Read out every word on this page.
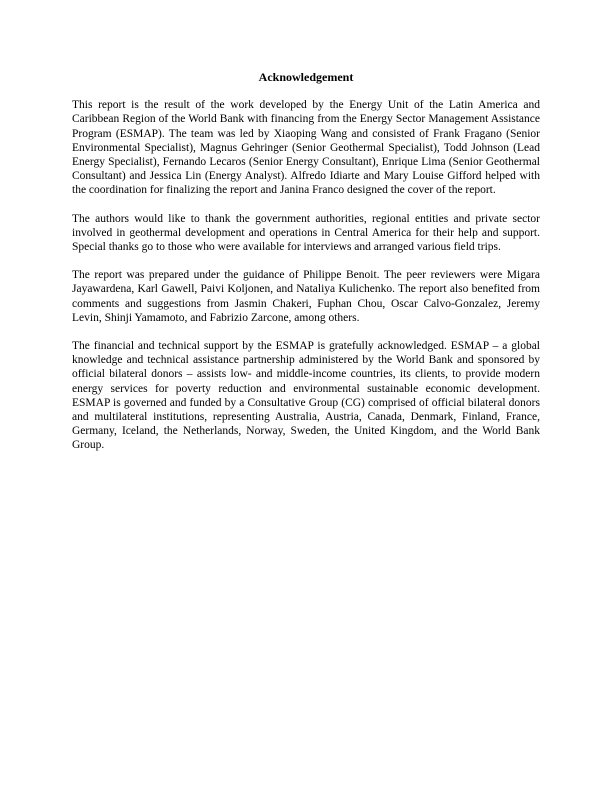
Acknowledgement

This report is the result of the work developed by the Energy Unit of the Latin America and Caribbean Region of the World Bank with financing from the Energy Sector Management Assistance Program (ESMAP). The team was led by Xiaoping Wang and consisted of Frank Fragano (Senior Environmental Specialist), Magnus Gehringer (Senior Geothermal Specialist), Todd Johnson (Lead Energy Specialist), Fernando Lecaros (Senior Energy Consultant), Enrique Lima (Senior Geothermal Consultant) and Jessica Lin (Energy Analyst). Alfredo Idiarte and Mary Louise Gifford helped with the coordination for finalizing the report and Janina Franco designed the cover of the report.

The authors would like to thank the government authorities, regional entities and private sector involved in geothermal development and operations in Central America for their help and support. Special thanks go to those who were available for interviews and arranged various field trips.

The report was prepared under the guidance of Philippe Benoit. The peer reviewers were Migara Jayawardena, Karl Gawell, Paivi Koljonen, and Nataliya Kulichenko. The report also benefited from comments and suggestions from Jasmin Chakeri, Fuphan Chou, Oscar Calvo-Gonzalez, Jeremy Levin, Shinji Yamamoto, and Fabrizio Zarcone, among others.

The financial and technical support by the ESMAP is gratefully acknowledged. ESMAP – a global knowledge and technical assistance partnership administered by the World Bank and sponsored by official bilateral donors – assists low- and middle-income countries, its clients, to provide modern energy services for poverty reduction and environmental sustainable economic development. ESMAP is governed and funded by a Consultative Group (CG) comprised of official bilateral donors and multilateral institutions, representing Australia, Austria, Canada, Denmark, Finland, France, Germany, Iceland, the Netherlands, Norway, Sweden, the United Kingdom, and the World Bank Group.
